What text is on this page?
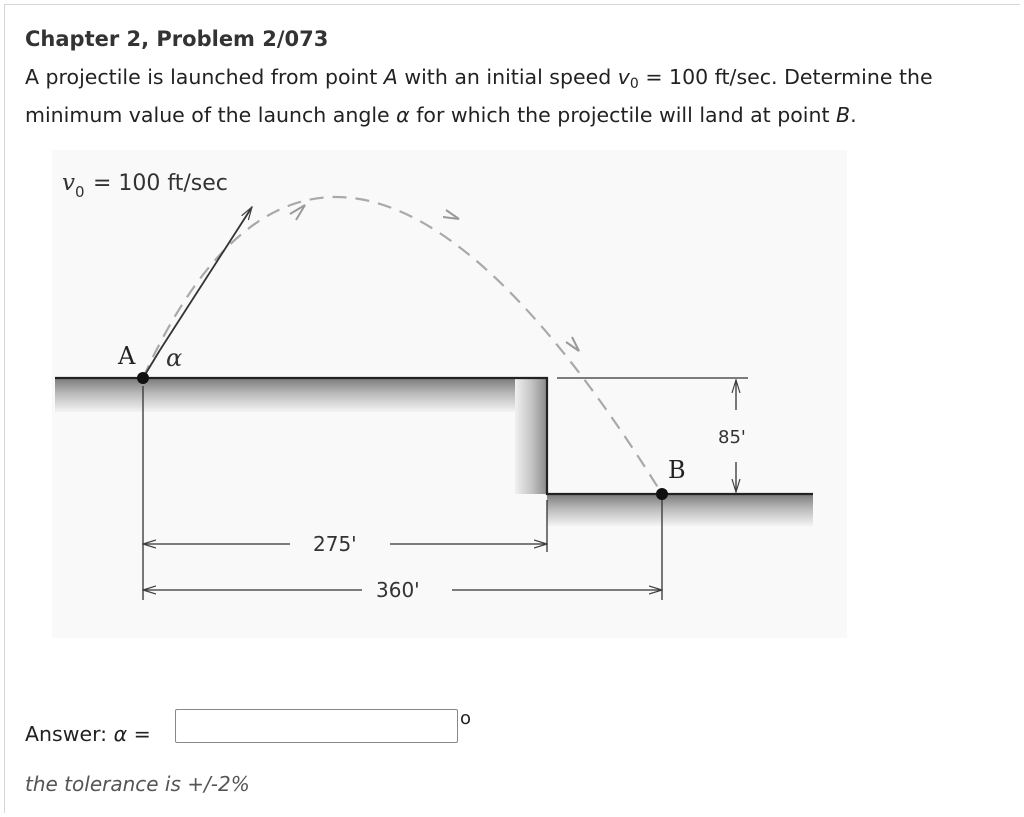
Chapter 2, Problem 2/073
A projectile is launched from point A with an initial speed $v_0 = 100$ ft/sec. Determine the minimum value of the launch angle α for which the projectile will land at point B.
v 0 = 100 ft/sec
A α
B
275'
360'
85'
Answer: α =
o
the tolerance is +/-2%
